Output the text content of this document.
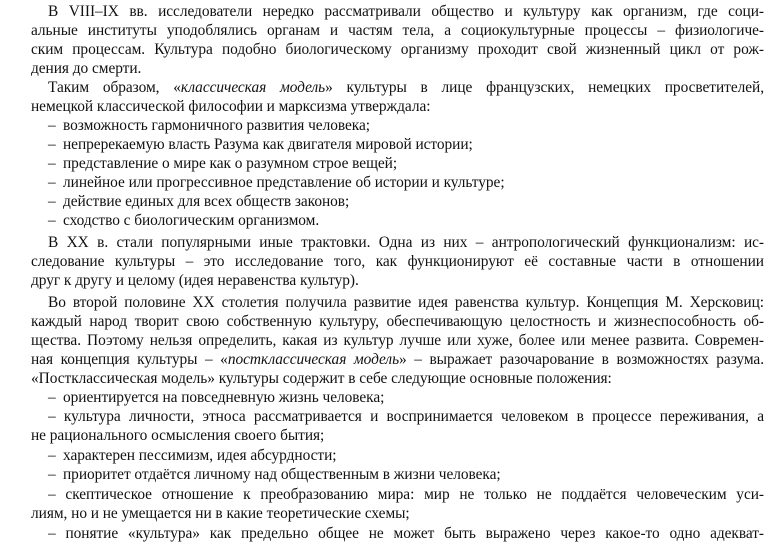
В VIII–IX вв. исследователи нередко рассматривали общество и культуру как организм, где соци-
альные институты уподоблялись органам и частям тела, а социокультурные процессы – физиологиче-
ским процессам. Культура подобно биологическому организму проходит свой жизненный цикл от рож-
дения до смерти.
Таким образом, «классическая модель» культуры в лице французских, немецких просветителей,
немецкой классической философии и марксизма утверждала:
– возможность гармоничного развития человека;
– непререкаемую власть Разума как двигателя мировой истории;
– представление о мире как о разумном строе вещей;
– линейное или прогрессивное представление об истории и культуре;
– действие единых для всех обществ законов;
– сходство с биологическим организмом.
В XX в. стали популярными иные трактовки. Одна из них – антропологический функционализм: ис-
следование культуры – это исследование того, как функционируют её составные части в отношении
друг к другу и целому (идея неравенства культур).
Во второй половине XX столетия получила развитие идея равенства культур. Концепция М. Херсковиц:
каждый народ творит свою собственную культуру, обеспечивающую целостность и жизнеспособность об-
щества. Поэтому нельзя определить, какая из культур лучше или хуже, более или менее развита. Современ-
ная концепция культуры – «постклассическая модель» – выражает разочарование в возможностях разума.
«Постклассическая модель» культуры содержит в себе следующие основные положения:
– ориентируется на повседневную жизнь человека;
– культура личности, этноса рассматривается и воспринимается человеком в процессе переживания, а
не рационального осмысления своего бытия;
– характерен пессимизм, идея абсурдности;
– приоритет отдаётся личному над общественным в жизни человека;
– скептическое отношение к преобразованию мира: мир не только не поддаётся человеческим уси-
лиям, но и не умещается ни в какие теоретические схемы;
– понятие «культура» как предельно общее не может быть выражено через какое-то одно адекват-
